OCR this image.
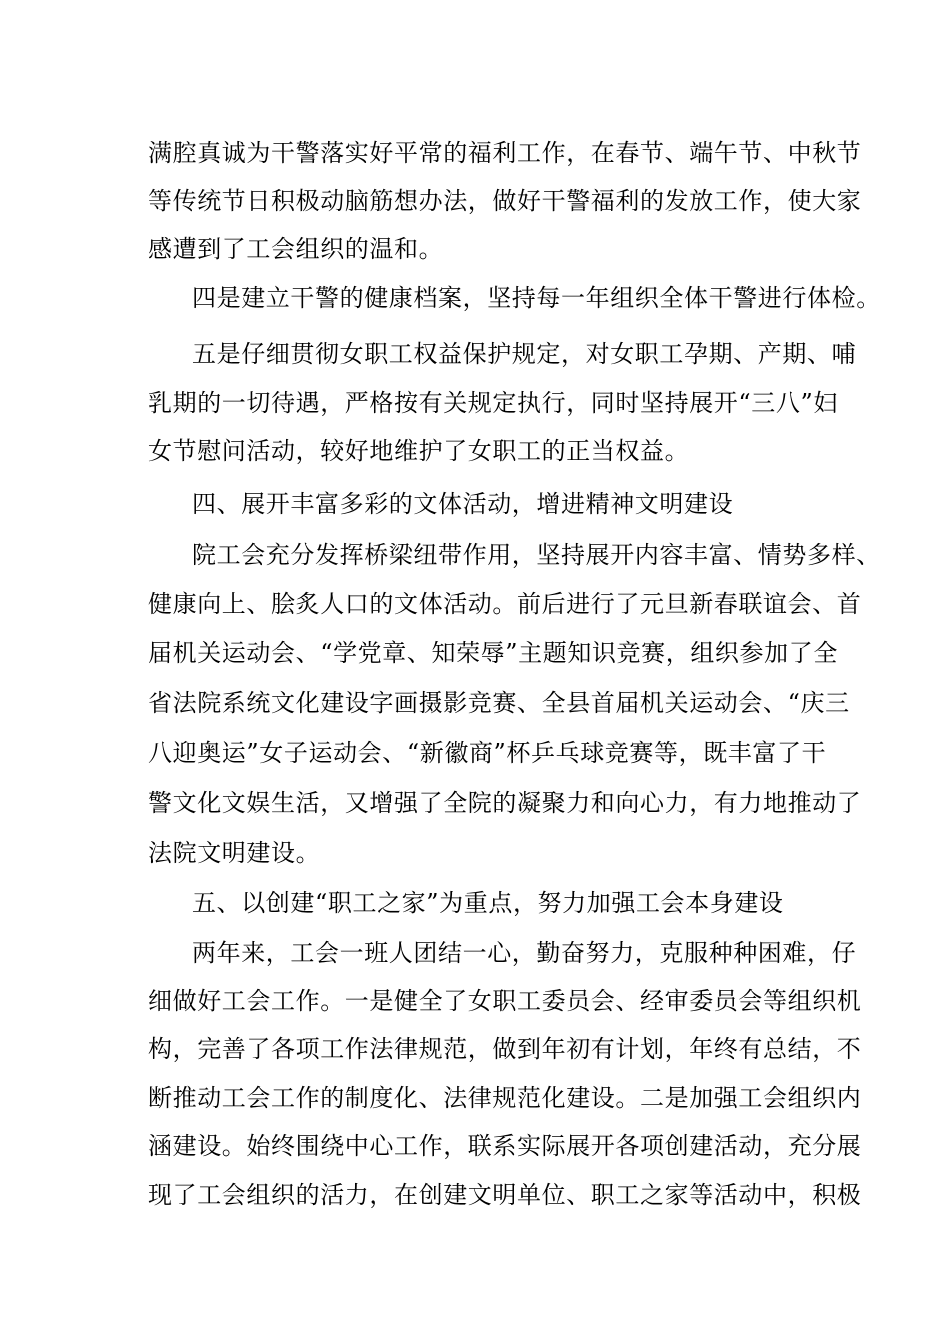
满腔真诚为干警落实好平常的福利工作，在春节、端午节、中秋节
等传统节日积极动脑筋想办法，做好干警福利的发放工作，使大家
感遭到了工会组织的温和。
四是建立干警的健康档案，坚持每一年组织全体干警进行体检。
五是仔细贯彻女职工权益保护规定，对女职工孕期、产期、哺
乳期的一切待遇，严格按有关规定执行，同时坚持展开“三八”妇
女节慰问活动，较好地维护了女职工的正当权益。
四、展开丰富多彩的文体活动，增进精神文明建设
院工会充分发挥桥梁纽带作用，坚持展开内容丰富、情势多样、
健康向上、脍炙人口的文体活动。前后进行了元旦新春联谊会、首
届机关运动会、“学党章、知荣辱”主题知识竞赛，组织参加了全
省法院系统文化建设字画摄影竞赛、全县首届机关运动会、“庆三
八迎奥运”女子运动会、“新徽商”杯乒乓球竞赛等，既丰富了干
警文化文娱生活，又增强了全院的凝聚力和向心力，有力地推动了
法院文明建设。
五、以创建“职工之家”为重点，努力加强工会本身建设
两年来，工会一班人团结一心，勤奋努力，克服种种困难，仔
细做好工会工作。一是健全了女职工委员会、经审委员会等组织机
构，完善了各项工作法律规范，做到年初有计划，年终有总结，不
断推动工会工作的制度化、法律规范化建设。二是加强工会组织内
涵建设。始终围绕中心工作，联系实际展开各项创建活动，充分展
现了工会组织的活力，在创建文明单位、职工之家等活动中，积极
